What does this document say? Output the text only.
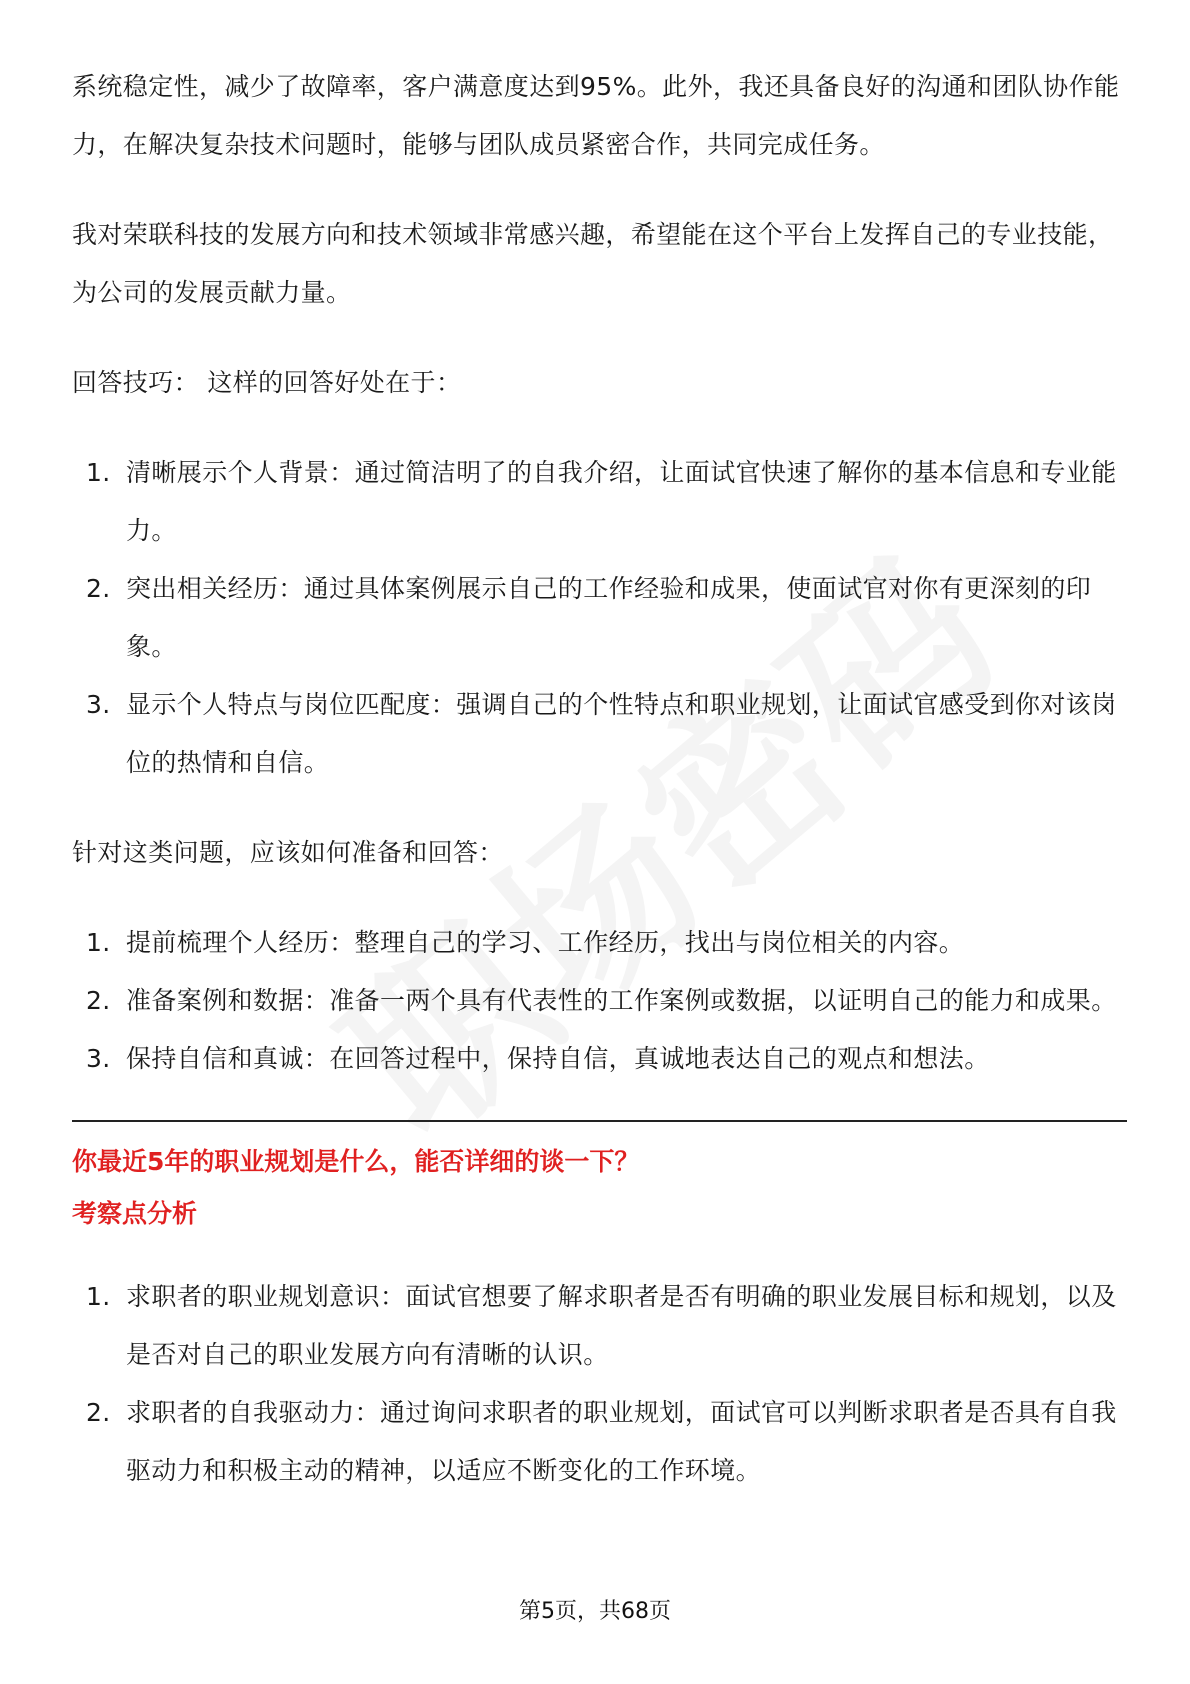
系统稳定性，减少了故障率，客户满意度达到95%。此外，我还具备良好的沟通和团队协作能力，在解决复杂技术问题时，能够与团队成员紧密合作，共同完成任务。

我对荣联科技的发展方向和技术领域非常感兴趣，希望能在这个平台上发挥自己的专业技能，为公司的发展贡献力量。

回答技巧： 这样的回答好处在于：

1. 清晰展示个人背景：通过简洁明了的自我介绍，让面试官快速了解你的基本信息和专业能力。
2. 突出相关经历：通过具体案例展示自己的工作经验和成果，使面试官对你有更深刻的印象。
3. 显示个人特点与岗位匹配度：强调自己的个性特点和职业规划，让面试官感受到你对该岗位的热情和自信。

针对这类问题，应该如何准备和回答：

1. 提前梳理个人经历：整理自己的学习、工作经历，找出与岗位相关的内容。
2. 准备案例和数据：准备一两个具有代表性的工作案例或数据，以证明自己的能力和成果。
3. 保持自信和真诚：在回答过程中，保持自信，真诚地表达自己的观点和想法。

你最近5年的职业规划是什么，能否详细的谈一下？

考察点分析

1. 求职者的职业规划意识：面试官想要了解求职者是否有明确的职业发展目标和规划，以及是否对自己的职业发展方向有清晰的认识。
2. 求职者的自我驱动力：通过询问求职者的职业规划，面试官可以判断求职者是否具有自我驱动力和积极主动的精神，以适应不断变化的工作环境。
第5页，共68页
